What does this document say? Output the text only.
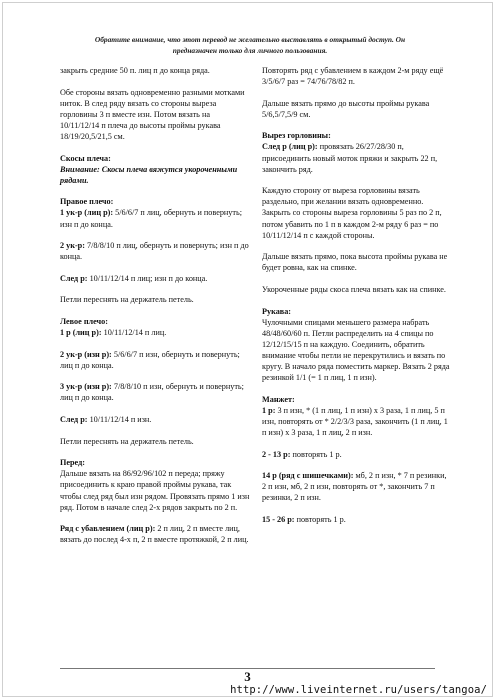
Обратите внимание, что этот перевод не желательно выставлять в открытый доступ. Он
предназначен только для личного пользования.
закрыть средние 50 п. лиц п до конца ряда.
Обе стороны вязать одновременно разными мотками ниток. В след ряду вязать со стороны выреза горловины 3 п вместе изн. Потом вязать на 10/11/12/14 п плеча до высоты проймы рукава 18/19/20,5/21,5 см.
Скосы плеча:
Внимание: Скосы плеча вяжутся укороченными рядами.
Правое плечо:
1 ук-р (лиц р): 5/6/6/7 п лиц, обернуть и повернуть; изн п до конца.
2 ук-р: 7/8/8/10 п лиц, обернуть и повернуть; изн п до конца.
След р: 10/11/12/14 п лиц; изн п до конца.
Петли переснять на держатель петель.
Левое плечо:
1 р (лиц р): 10/11/12/14 п лиц.
2 ук-р (изн р): 5/6/6/7 п изн, обернуть и повернуть; лиц п до конца.
3 ук-р (изн р): 7/8/8/10 п изн, обернуть и повернуть; лиц п до конца.
След р: 10/11/12/14 п изн.
Петли переснять на держатель петель.
Перед:
Дальше вязать на 86/92/96/102 п переда; пряжу присоединить к краю правой проймы рукава, так чтобы след ряд был изн рядом. Провязать прямо 1 изн ряд. Потом в начале след 2-х рядов закрыть по 2 п.
Ряд с убавлением (лиц р): 2 п лиц, 2 п вместе лиц, вязать до послед 4-х п, 2 п вместе протяжкой, 2 п лиц.
Повторять ряд с убавлением в каждом 2-м ряду ещё 3/5/6/7 раз = 74/76/78/82 п.
Дальше вязать прямо до высоты проймы рукава 5/6,5/7,5/9 см.
Вырез горловины:
След р (лиц р): провязать 26/27/28/30 п, присоединить новый моток пряжи и закрыть 22 п, закончить ряд.
Каждую сторону от выреза горловины вязать раздельно, при желании вязать одновременно. Закрыть со стороны выреза горловины 5 раз по 2 п, потом убавить по 1 п в каждом 2-м ряду 6 раз = по 10/11/12/14 п с каждой стороны.
Дальше вязать прямо, пока высота проймы рукава не будет ровна, как на спинке.
Укороченные ряды скоса плеча вязать как на спинке.
Рукава:
Чулочными спицами меньшего размера набрать 48/48/60/60 п. Петли распределить на 4 спицы по 12/12/15/15 п на каждую. Соединить, обратить внимание чтобы петли не перекрутились и вязать по кругу. В начало ряда поместить маркер. Вязать 2 ряда резинкой 1/1 (= 1 п лиц, 1 п изн).
Манжет:
1 р: 3 п изн, * (1 п лиц, 1 п изн) x 3 раза, 1 п лиц, 5 п изн, повторять от * 2/2/3/3 раза, закончить (1 п лиц, 1 п изн) x 3 раза, 1 п лиц, 2 п изн.
2 - 13 р: повторять 1 р.
14 р (ряд с шишечками): мб, 2 п изн, * 7 п резинки, 2 п изн, мб, 2 п изн, повторять от *, закончить 7 п резинки, 2 п изн.
15 - 26 р: повторять 1 р.
3
http://www.liveinternet.ru/users/tangoa/
